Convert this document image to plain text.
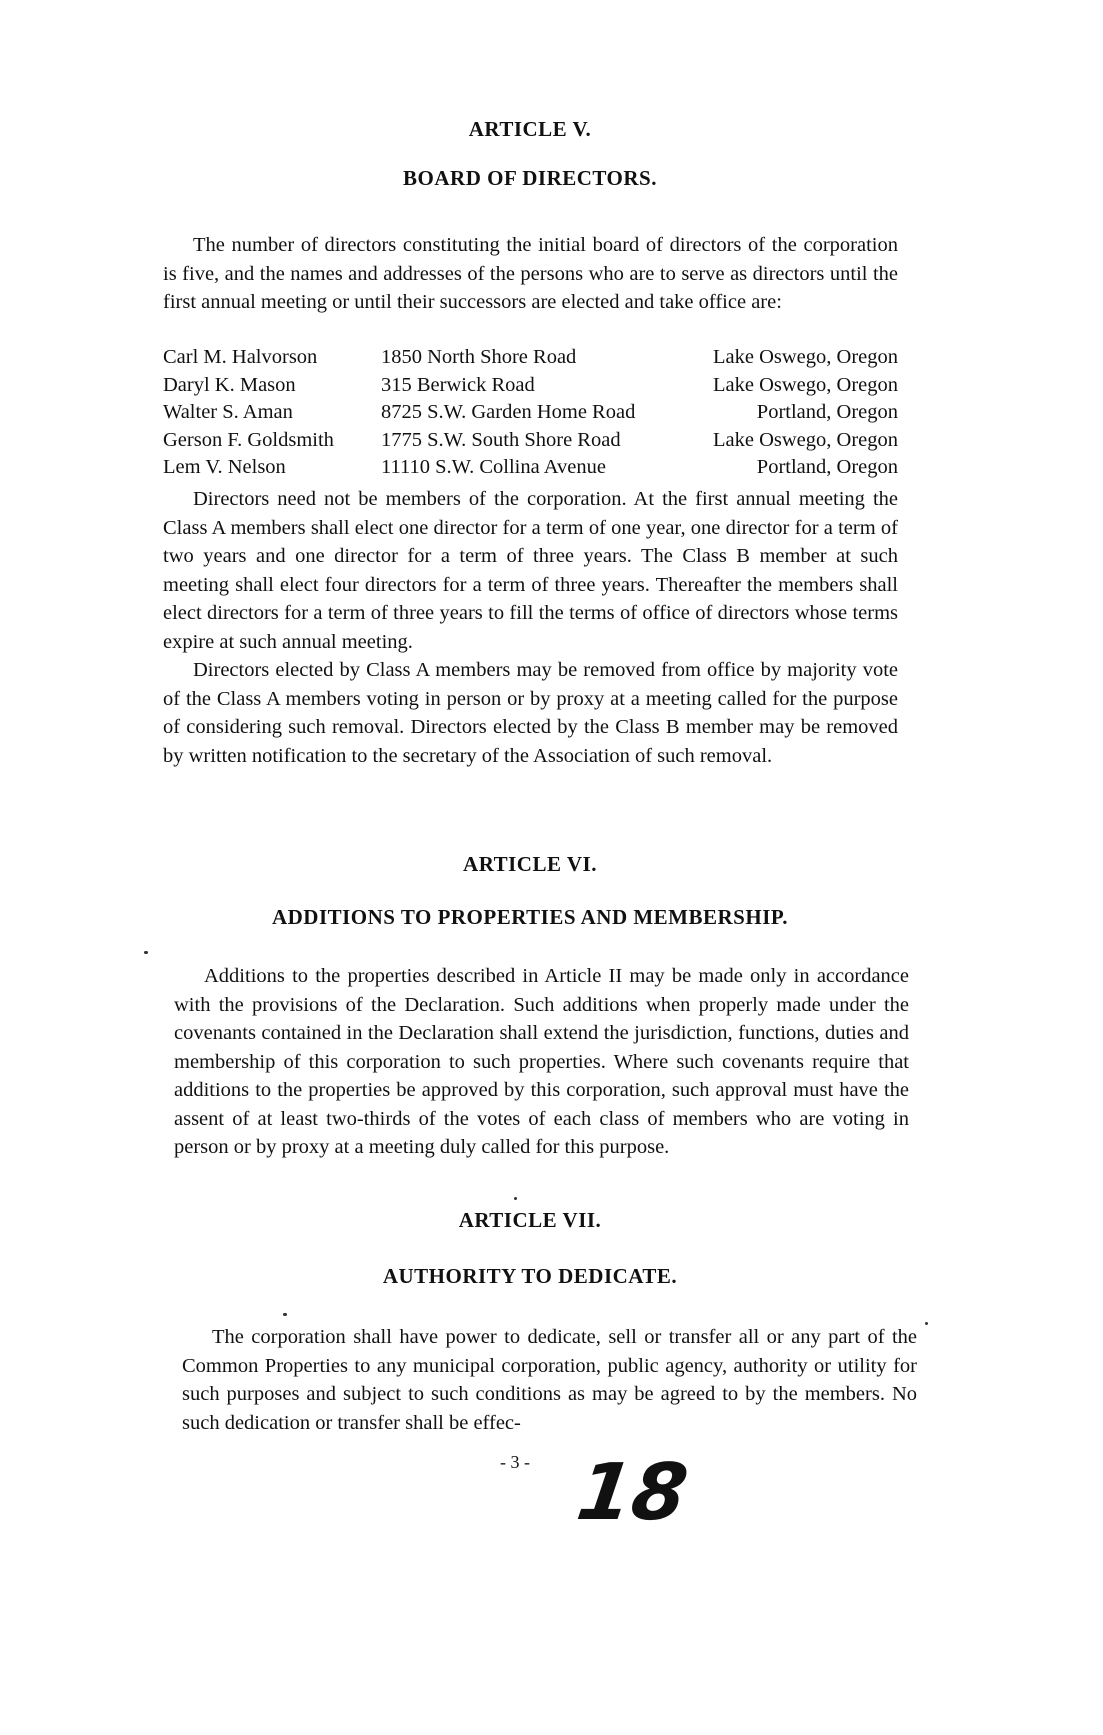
ARTICLE V.
BOARD OF DIRECTORS.

The number of directors constituting the initial board of directors of the corporation is five, and the names and addresses of the persons who are to serve as directors until the first annual meeting or until their successors are elected and take office are:

Carl M. Halvorson	1850 North Shore Road	Lake Oswego, Oregon
Daryl K. Mason	315 Berwick Road	Lake Oswego, Oregon
Walter S. Aman	8725 S.W. Garden Home Road	Portland, Oregon
Gerson F. Goldsmith	1775 S.W. South Shore Road	Lake Oswego, Oregon
Lem V. Nelson	11110 S.W. Collina Avenue	Portland, Oregon

Directors need not be members of the corporation. At the first annual meeting the Class A members shall elect one director for a term of one year, one director for a term of two years and one director for a term of three years. The Class B member at such meeting shall elect four directors for a term of three years. Thereafter the members shall elect directors for a term of three years to fill the terms of office of directors whose terms expire at such annual meeting.

Directors elected by Class A members may be removed from office by majority vote of the Class A members voting in person or by proxy at a meeting called for the purpose of considering such removal. Directors elected by the Class B member may be removed by written notification to the secretary of the Association of such removal.

ARTICLE VI.
ADDITIONS TO PROPERTIES AND MEMBERSHIP.

Additions to the properties described in Article II may be made only in accordance with the provisions of the Declaration. Such additions when properly made under the covenants contained in the Declaration shall extend the jurisdiction, functions, duties and membership of this corporation to such properties. Where such covenants require that additions to the properties be approved by this corporation, such approval must have the assent of at least two-thirds of the votes of each class of members who are voting in person or by proxy at a meeting duly called for this purpose.

ARTICLE VII.
AUTHORITY TO DEDICATE.

The corporation shall have power to dedicate, sell or transfer all or any part of the Common Properties to any municipal corporation, public agency, authority or utility for such purposes and subject to such conditions as may be agreed to by the members. No such dedication or transfer shall be effec-

- 3 - 18
